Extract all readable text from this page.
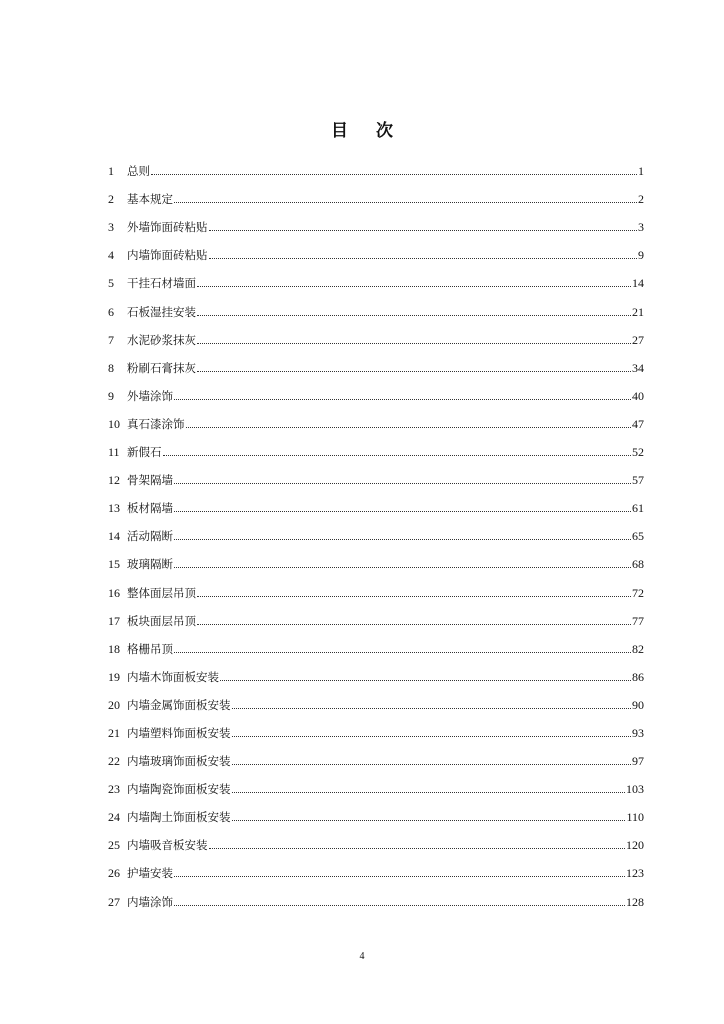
目次
1	总则	1
2	基本规定	2
3	外墙饰面砖粘贴	3
4	内墙饰面砖粘贴	9
5	干挂石材墙面	14
6	石板湿挂安装	21
7	水泥砂浆抹灰	27
8	粉刷石膏抹灰	34
9	外墙涂饰	40
10 真石漆涂饰	47
11 新假石	52
12 骨架隔墙	57
13 板材隔墙	61
14 活动隔断	65
15 玻璃隔断	68
16 整体面层吊顶	72
17 板块面层吊顶	77
18 格栅吊顶	82
19 内墙木饰面板安装	86
20 内墙金属饰面板安装	90
21 内墙塑料饰面板安装	93
22 内墙玻璃饰面板安装	97
23 内墙陶瓷饰面板安装	103
24 内墙陶土饰面板安装	110
25 内墙吸音板安装	120
26 护墙安装	123
27 内墙涂饰	128
4
